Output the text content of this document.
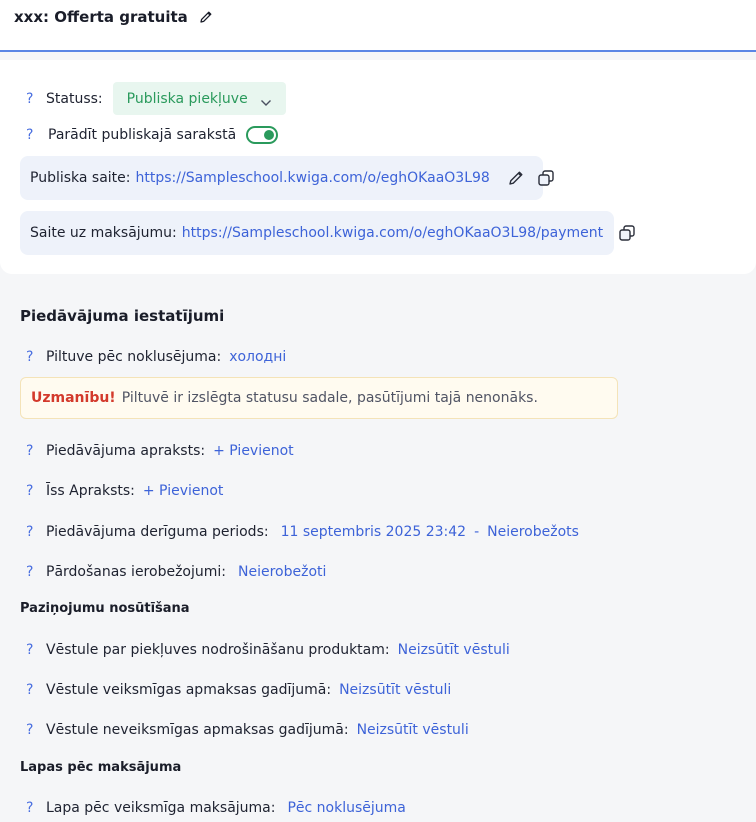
xxx: Offerta gratuita
? Statuss: Publiska piekļuve
?	Parādīt publiskajā sarakstā
Publiska saite: https://Sampleschool.kwiga.com/o/eghOKaaO3L98
Saite uz maksājumu: https://Sampleschool.kwiga.com/o/eghOKaaO3L98/payment
Piedāvājuma iestatījumi
? Piltuve pēc noklusējuma: холодні
Uzmanību! Piltuvē ir izslēgta statusu sadale, pasūtījumi tajā nenonāks.
? Piedāvājuma apraksts: + Pievienot
? Īss Apraksts: + Pievienot
? Piedāvājuma derīguma periods: 11 septembris 2025 23:42 - Neierobežots
? Pārdošanas ierobežojumi: Neierobežoti
Paziņojumu nosūtīšana
? Vēstule par piekļuves nodrošināšanu produktam: Neizsūtīt vēstuli
? Vēstule veiksmīgas apmaksas gadījumā: Neizsūtīt vēstuli
? Vēstule neveiksmīgas apmaksas gadījumā: Neizsūtīt vēstuli
Lapas pēc maksājuma
? Lapa pēc veiksmīga maksājuma: Pēc noklusējuma
